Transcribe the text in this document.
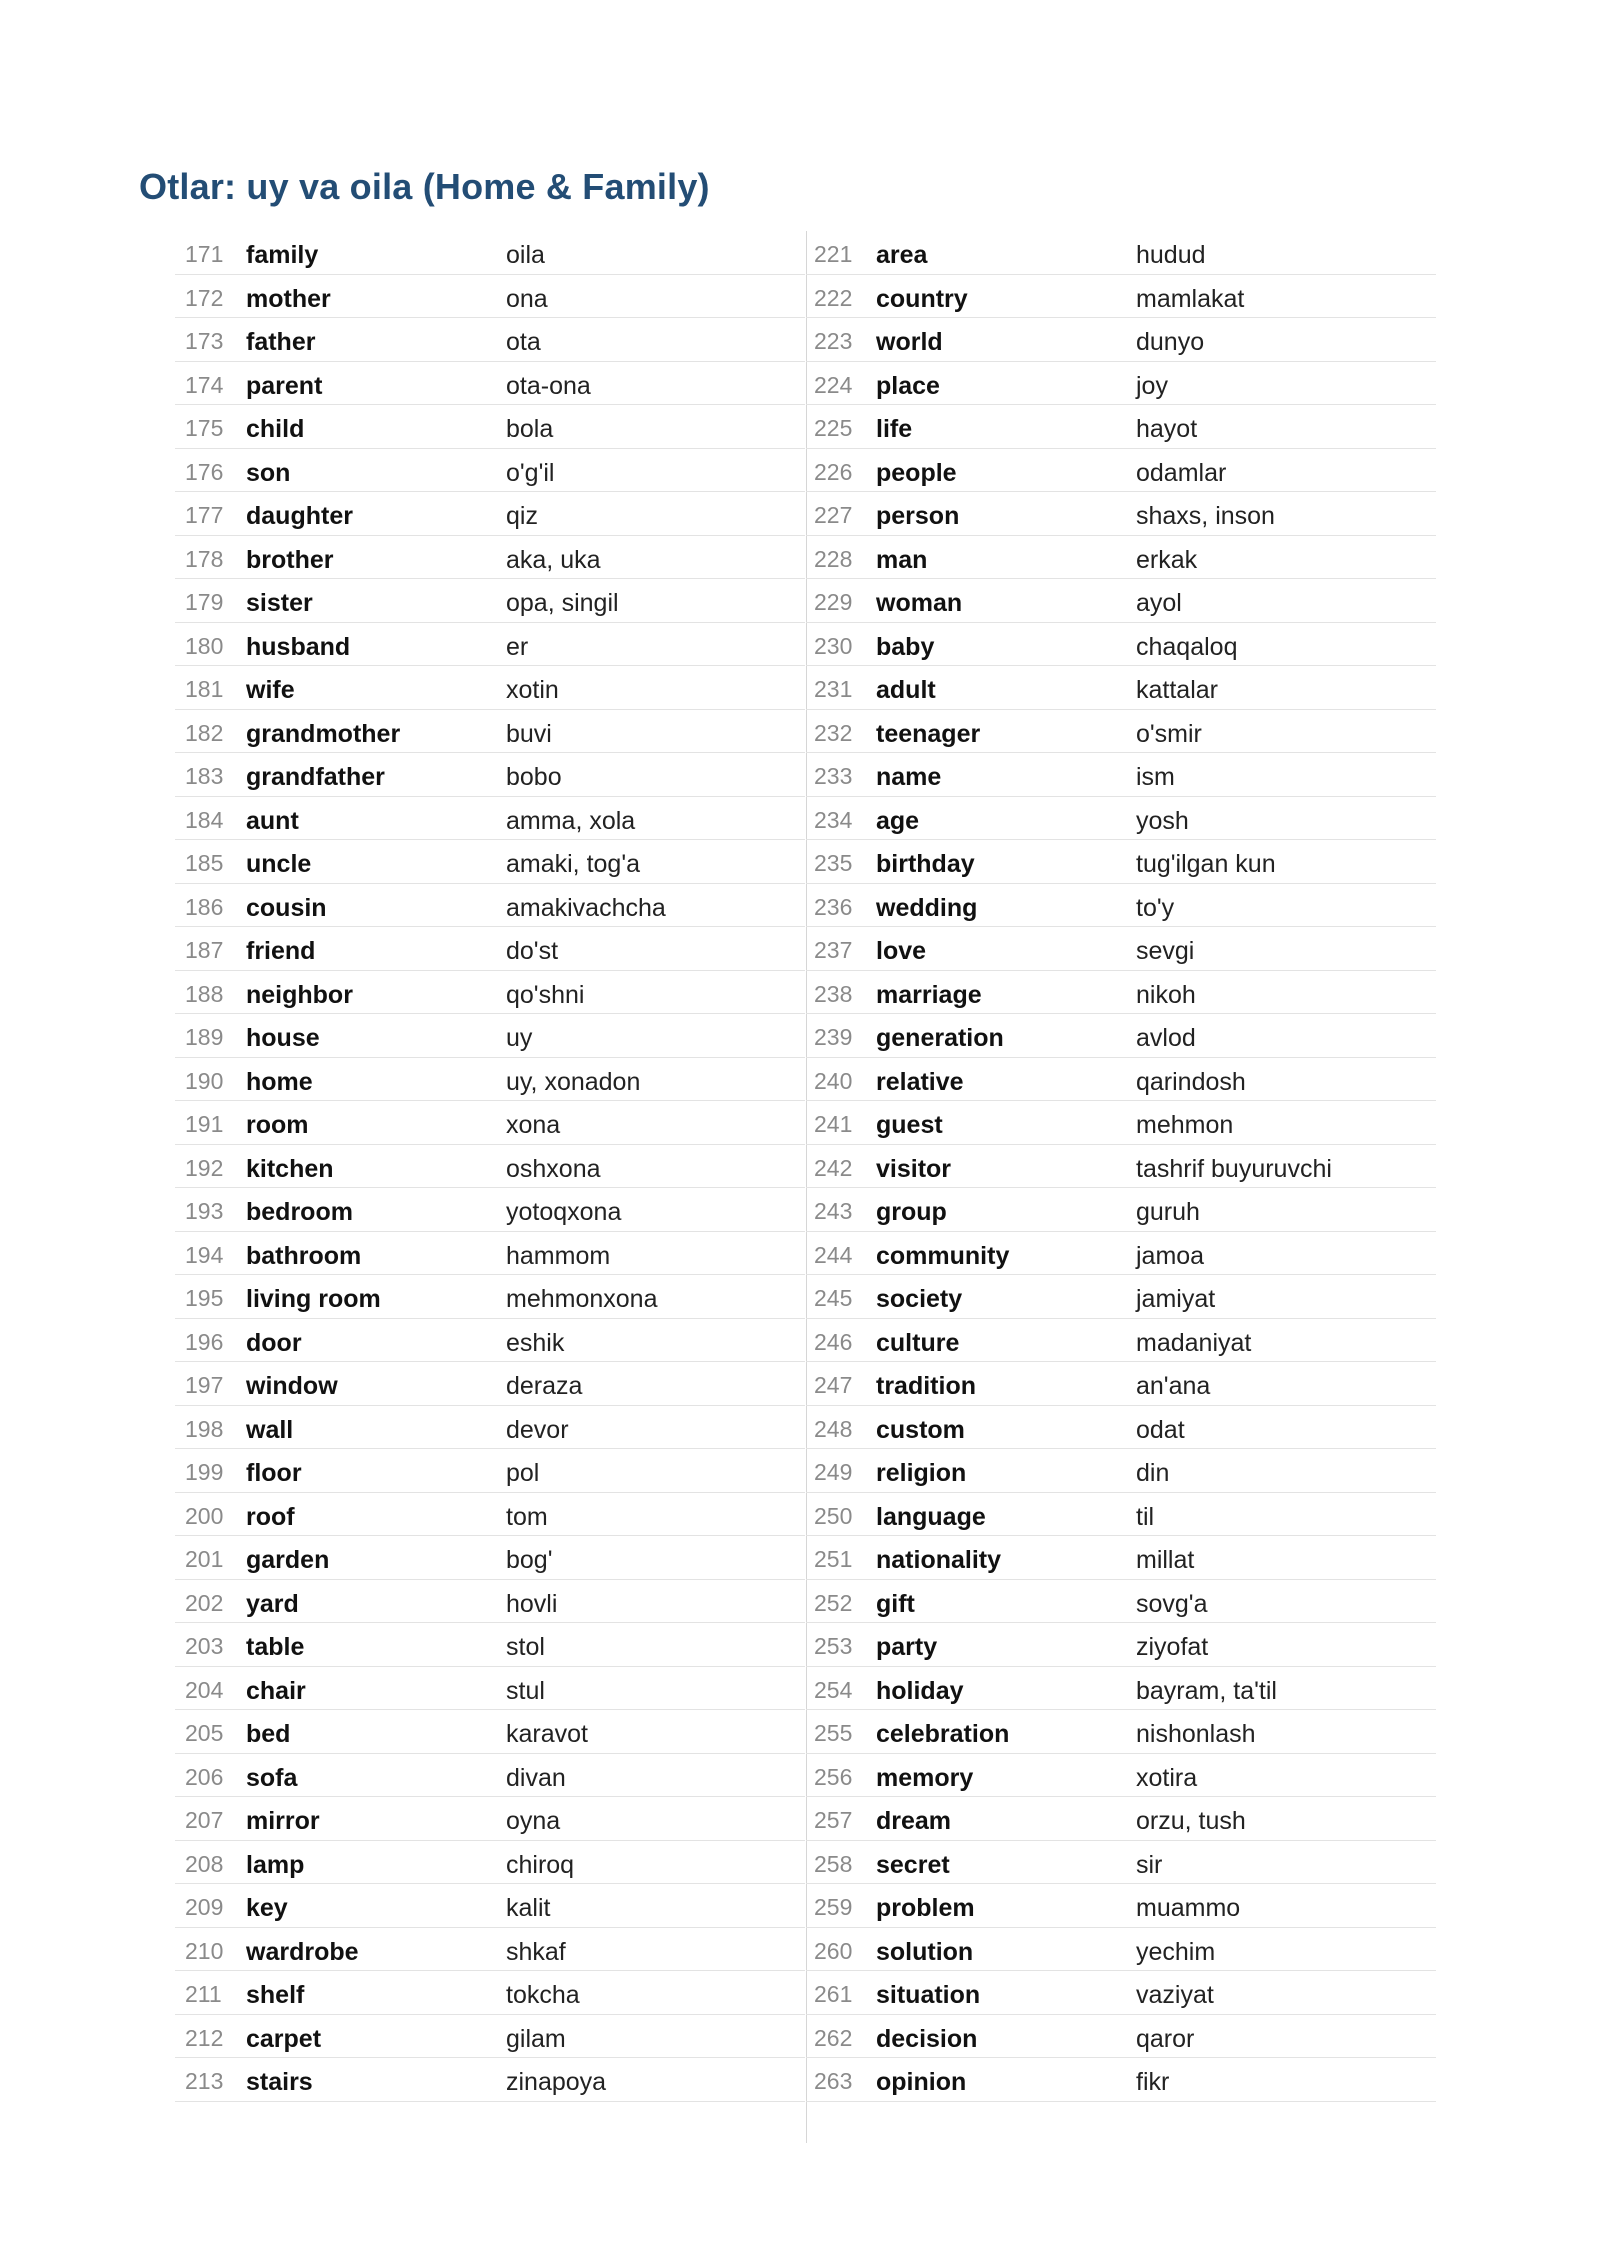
Otlar: uy va oila (Home & Family)
171 family	oila
172 mother	ona
173 father	ota
174 parent	ota-ona
175 child	bola
176 son	o'g'il
177 daughter	qiz
178 brother	aka, uka
179 sister	opa, singil
180 husband	er
181 wife	xotin
182 grandmother	buvi
183 grandfather	bobo
184 aunt	amma, xola
185 uncle	amaki, tog'a
186 cousin	amakivachcha
187 friend	do'st
188 neighbor	qo'shni
189 house	uy
190 home	uy, xonadon
191 room	xona
192 kitchen	oshxona
193 bedroom	yotoqxona
194 bathroom	hammom
195 living room	mehmonxona
196 door	eshik
197 window	deraza
198 wall	devor
199 floor	pol
200 roof	tom
201 garden	bog'
202 yard	hovli
203 table	stol
204 chair	stul
205 bed	karavot
206 sofa	divan
207 mirror	oyna
208 lamp	chiroq
209 key	kalit
210 wardrobe	shkaf
211 shelf	tokcha
212 carpet	gilam
213 stairs	zinapoya
221 area	hudud
222 country	mamlakat
223 world	dunyo
224 place	joy
225 life	hayot
226 people	odamlar
227 person	shaxs, inson
228 man	erkak
229 woman	ayol
230 baby	chaqaloq
231 adult	kattalar
232 teenager	o'smir
233 name	ism
234 age	yosh
235 birthday	tug'ilgan kun
236 wedding	to'y
237 love	sevgi
238 marriage	nikoh
239 generation	avlod
240 relative	qarindosh
241 guest	mehmon
242 visitor	tashrif buyuruvchi
243 group	guruh
244 community	jamoa
245 society	jamiyat
246 culture	madaniyat
247 tradition	an'ana
248 custom	odat
249 religion	din
250 language	til
251 nationality	millat
252 gift	sovg'a
253 party	ziyofat
254 holiday	bayram, ta'til
255 celebration	nishonlash
256 memory	xotira
257 dream	orzu, tush
258 secret	sir
259 problem	muammo
260 solution	yechim
261 situation	vaziyat
262 decision	qaror
263 opinion	fikr
